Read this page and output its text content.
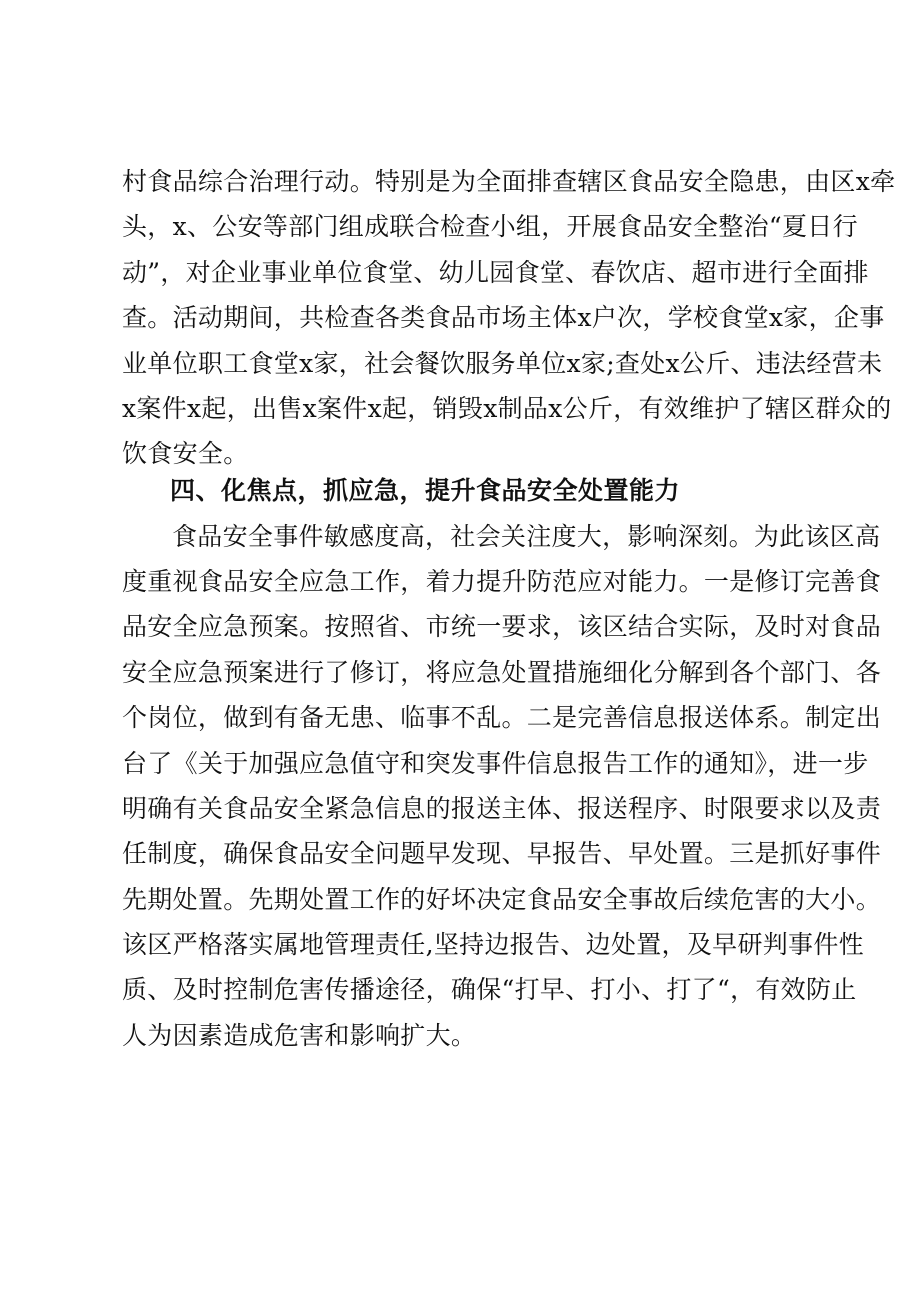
村食品综合治理行动。特别是为全面排查辖区食品安全隐患，由区x牵
头，x、公安等部门组成联合检查小组，开展食品安全整治“夏日行
动”，对企业事业单位食堂、幼儿园食堂、春饮店、超市进行全面排
查。活动期间，共检查各类食品市场主体x户次，学校食堂x家，企事
业单位职工食堂x家，社会餐饮服务单位x家;查处x公斤、违法经营未
x案件x起，出售x案件x起，销毁x制品x公斤，有效维护了辖区群众的
饮食安全。
四、化焦点，抓应急，提升食品安全处置能力
食品安全事件敏感度高，社会关注度大，影响深刻。为此该区高
度重视食品安全应急工作，着力提升防范应对能力。一是修订完善食
品安全应急预案。按照省、市统一要求，该区结合实际，及时对食品
安全应急预案进行了修订，将应急处置措施细化分解到各个部门、各
个岗位，做到有备无患、临事不乱。二是完善信息报送体系。制定出
台了《关于加强应急值守和突发事件信息报告工作的通知》，进一步
明确有关食品安全紧急信息的报送主体、报送程序、时限要求以及责
任制度，确保食品安全问题早发现、早报告、早处置。三是抓好事件
先期处置。先期处置工作的好坏决定食品安全事故后续危害的大小。
该区严格落实属地管理责任,坚持边报告、边处置，及早研判事件性
质、及时控制危害传播途径，确保“打早、打小、打了“，有效防止
人为因素造成危害和影响扩大。
